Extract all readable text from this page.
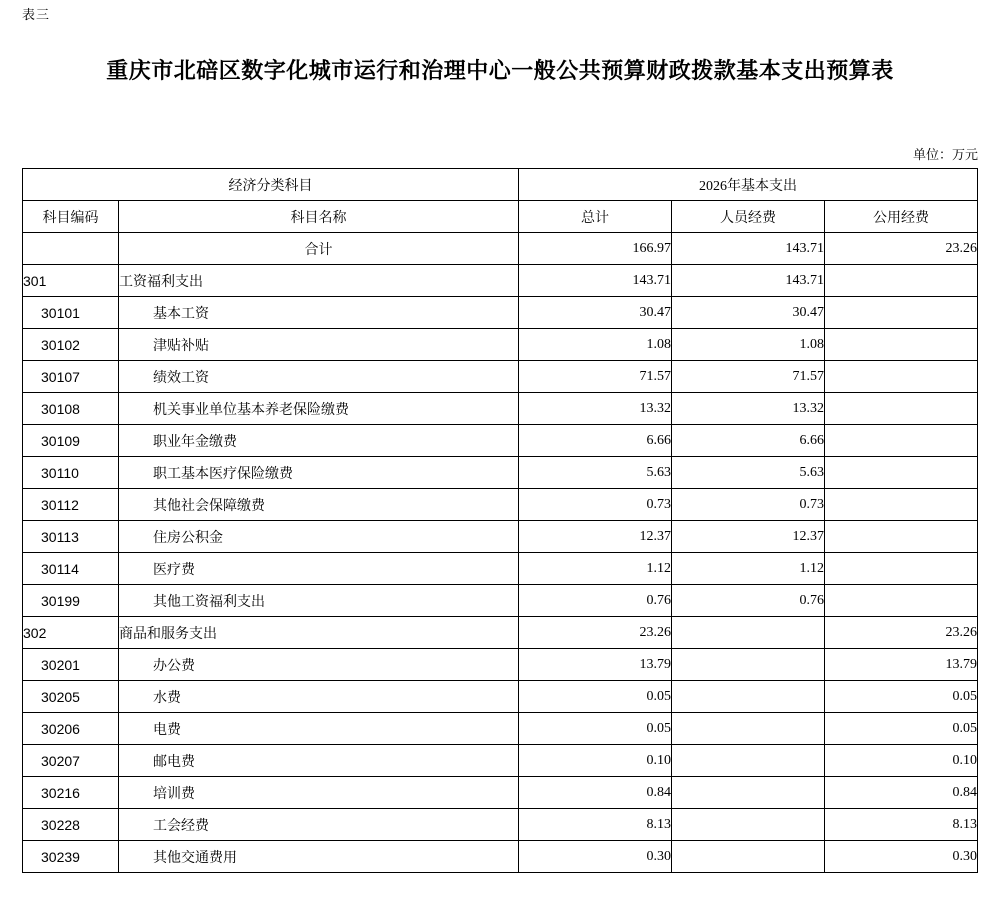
表三
重庆市北碚区数字化城市运行和治理中心一般公共预算财政拨款基本支出预算表
单位：万元
经济分类科目		2026年基本支出		
科目编码	科目名称	总计	人员经费	公用经费
	合计	166.97	143.71	23.26
301	工资福利支出	143.71	143.71	
30101	基本工资	30.47	30.47	
30102	津贴补贴	1.08	1.08	
30107	绩效工资	71.57	71.57	
30108	机关事业单位基本养老保险缴费	13.32	13.32	
30109	职业年金缴费	6.66	6.66	
30110	职工基本医疗保险缴费	5.63	5.63	
30112	其他社会保障缴费	0.73	0.73	
30113	住房公积金	12.37	12.37	
30114	医疗费	1.12	1.12	
30199	其他工资福利支出	0.76	0.76	
302	商品和服务支出	23.26		23.26
30201	办公费	13.79		13.79
30205	水费	0.05		0.05
30206	电费	0.05		0.05
30207	邮电费	0.10		0.10
30216	培训费	0.84		0.84
30228	工会经费	8.13		8.13
30239	其他交通费用	0.30		0.30
